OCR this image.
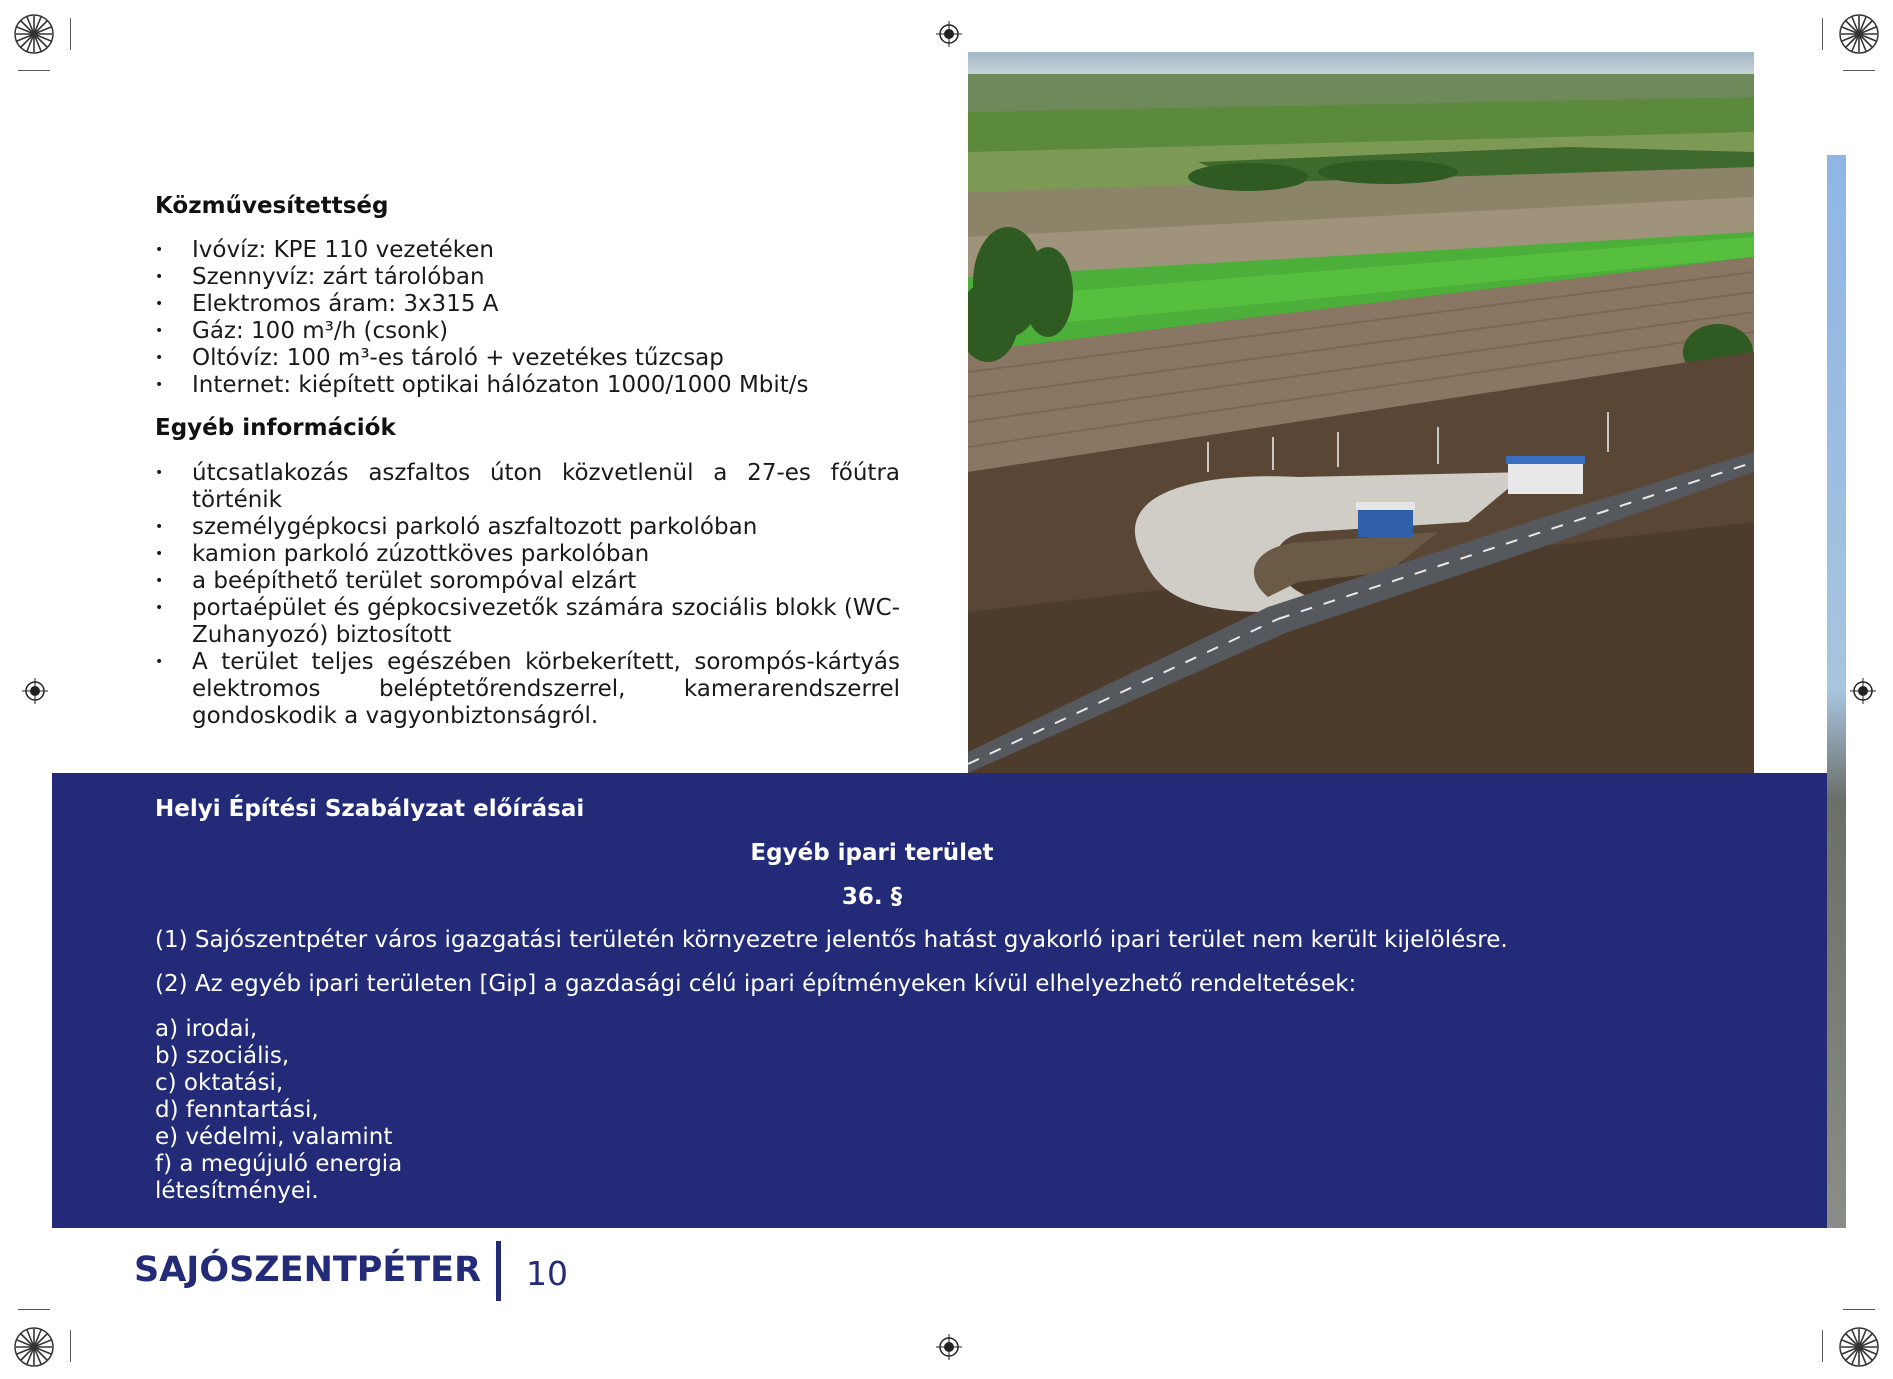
Közművesítettség
• Ivóvíz: KPE 110 vezetéken
• Szennyvíz: zárt tárolóban
• Elektromos áram: 3x315 A
• Gáz: 100 m³/h (csonk)
• Oltóvíz: 100 m³-es tároló + vezetékes tűzcsap
• Internet: kiépített optikai hálózaton 1000/1000 Mbit/s
Egyéb információk
• útcsatlakozás aszfaltos úton közvetlenül a 27-es főútra történik
• személygépkocsi parkoló aszfaltozott parkolóban
• kamion parkoló zúzottköves parkolóban
• a beépíthető terület sorompóval elzárt
• portaépület és gépkocsivezetők számára szociális blokk (WC-Zuhanyozó) biztosított
• A terület teljes egészében körbekerített, sorompós-kártyás elektromos beléptetőrendszerrel, kamerarendszerrel gondoskodik a vagyonbiztonságról.
Helyi Építési Szabályzat előírásai
Egyéb ipari terület
36. §
(1) Sajószentpéter város igazgatási területén környezetre jelentős hatást gyakorló ipari terület nem került kijelölésre.
(2) Az egyéb ipari területen [Gip] a gazdasági célú ipari építményeken kívül elhelyezhető rendeltetések:
a) irodai,
b) szociális,
c) oktatási,
d) fenntartási,
e) védelmi, valamint
f) a megújuló energia
létesítményei.
SAJÓSZENTPÉTER 10
